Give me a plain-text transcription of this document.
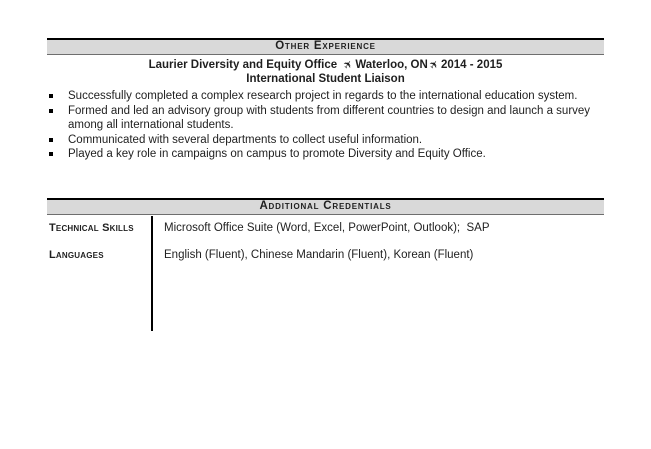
Other Experience
Laurier Diversity and Equity Office ✈Waterloo, ON✈2014 - 2015
International Student Liaison
Successfully completed a complex research project in regards to the international education system.
Formed and led an advisory group with students from different countries to design and launch a survey among all international students.
Communicated with several departments to collect useful information.
Played a key role in campaigns on campus to promote Diversity and Equity Office.
Additional Credentials
Technical Skills	Microsoft Office Suite (Word, Excel, PowerPoint, Outlook);  SAP
Languages	English (Fluent), Chinese Mandarin (Fluent), Korean (Fluent)
